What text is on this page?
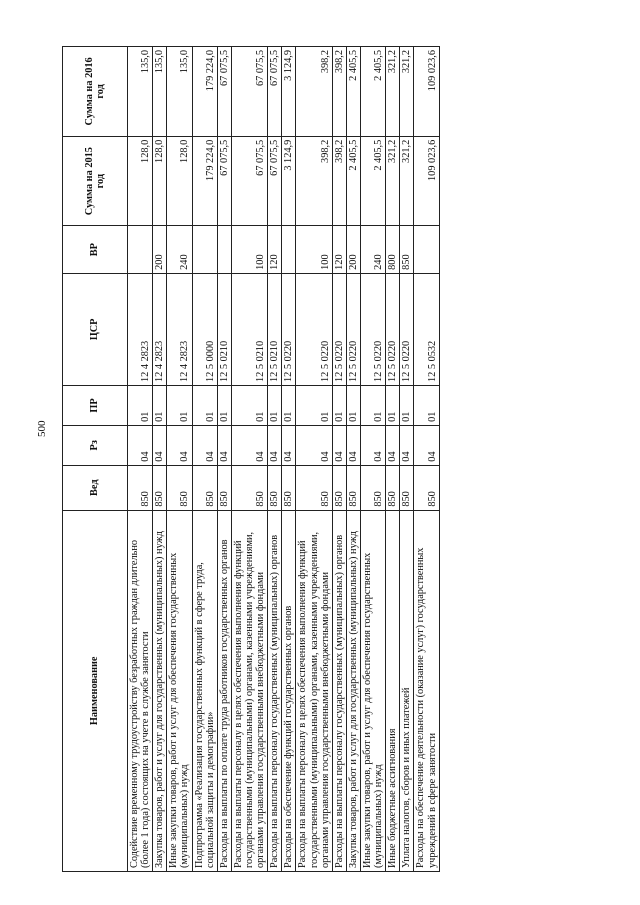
500
Наименование	Вед	Рз	ПР	ЦСР	ВР	Сумма на 2015 год	Сумма на 2016 год
Содействие временному трудоустройству безработных граждан длительно (более 1 года) состоящих на учете в службе занятости	850	04	01	12 4 2823		128,0	135,0
Закупка товаров, работ и услуг для государственных (муниципальных) нужд	850	04	01	12 4 2823	200	128,0	135,0
Иные закупки товаров, работ и услуг для обеспечения государственных (муниципальных) нужд	850	04	01	12 4 2823	240	128,0	135,0
Подпрограмма «Реализация государственных функций в сфере труда, социальной защиты и демографии»	850	04	01	12 5 0000		179 224,0	179 224,0
Расходы на выплаты по оплате труда работников государственных органов	850	04	01	12 5 0210		67 075,5	67 075,5
Расходы на выплаты персоналу в целях обеспечения выполнения функций государственными (муниципальными) органами, казенными учреждениями, органами управления государственными внебюджетными фондами	850	04	01	12 5 0210	100	67 075,5	67 075,5
Расходы на выплаты персоналу государственных (муниципальных) органов	850	04	01	12 5 0210	120	67 075,5	67 075,5
Расходы на обеспечение функций государственных органов	850	04	01	12 5 0220		3 124,9	3 124,9
Расходы на выплаты персоналу в целях обеспечения выполнения функций государственными (муниципальными) органами, казенными учреждениями, органами управления государственными внебюджетными фондами	850	04	01	12 5 0220	100	398,2	398,2
Расходы на выплаты персоналу государственных (муниципальных) органов	850	04	01	12 5 0220	120	398,2	398,2
Закупка товаров, работ и услуг для государственных (муниципальных) нужд	850	04	01	12 5 0220	200	2 405,5	2 405,5
Иные закупки товаров, работ и услуг для обеспечения государственных (муниципальных) нужд	850	04	01	12 5 0220	240	2 405,5	2 405,5
Иные бюджетные ассигнования	850	04	01	12 5 0220	800	321,2	321,2
Уплата налогов, сборов и иных платежей	850	04	01	12 5 0220	850	321,2	321,2
Расходы на обеспечение деятельности (оказание услуг) государственных учреждений в сфере занятости	850	04	01	12 5 0532		109 023,6	109 023,6
